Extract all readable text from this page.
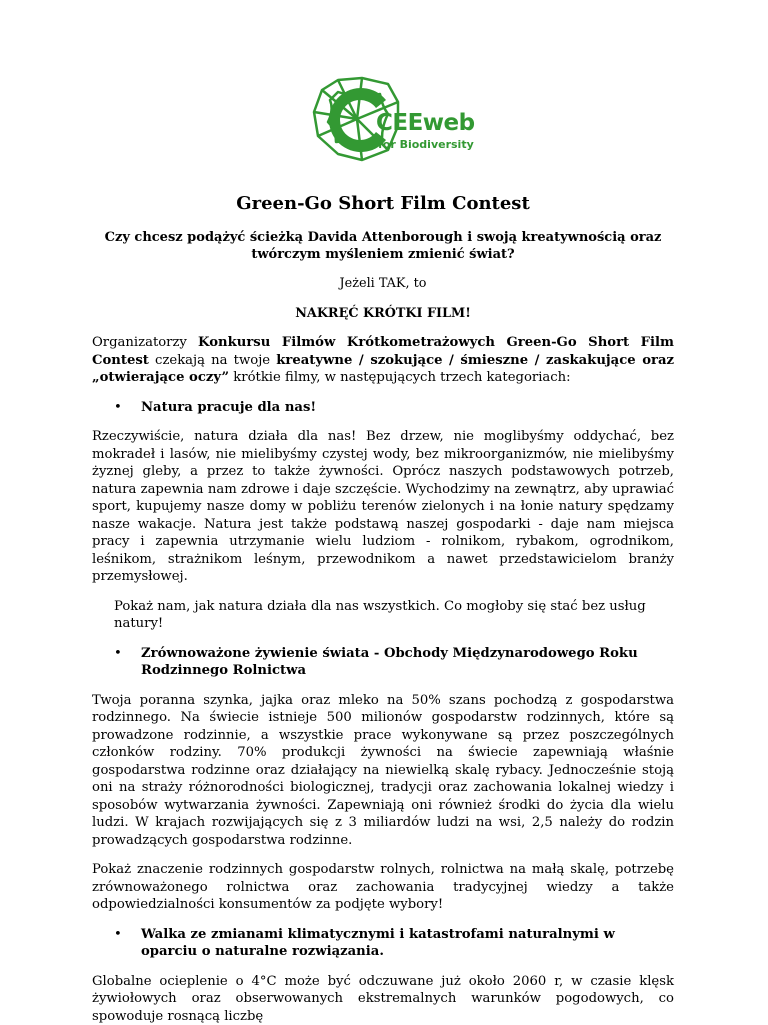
CEEweb
for Biodiversity
Green-Go Short Film Contest

Czy chcesz podążyć ścieżką Davida Attenborough i swoją kreatywnością oraz twórczym myśleniem zmienić świat?

Jeżeli TAK, to

NAKRĘĆ KRÓTKI FILM!

Organizatorzy Konkursu Filmów Krótkometrażowych Green-Go Short Film Contest czekają na twoje kreatywne / szokujące / śmieszne / zaskakujące oraz „otwierające oczy” krótkie filmy, w następujących trzech kategoriach:

• Natura pracuje dla nas!

Rzeczywiście, natura działa dla nas! Bez drzew, nie moglibyśmy oddychać, bez mokradeł i lasów, nie mielibyśmy czystej wody, bez mikroorganizmów, nie mielibyśmy żyznej gleby, a przez to także żywności. Oprócz naszych podstawowych potrzeb, natura zapewnia nam zdrowe i daje szczęście. Wychodzimy na zewnątrz, aby uprawiać sport, kupujemy nasze domy w pobliżu terenów zielonych i na łonie natury spędzamy nasze wakacje. Natura jest także podstawą naszej gospodarki - daje nam miejsca pracy i zapewnia utrzymanie wielu ludziom - rolnikom, rybakom, ogrodnikom, leśnikom, strażnikom leśnym, przewodnikom a nawet przedstawicielom branży przemysłowej.

Pokaż nam, jak natura działa dla nas wszystkich. Co mogłoby się stać bez usług natury!

• Zrównoważone żywienie świata - Obchody Międzynarodowego Roku Rodzinnego Rolnictwa

Twoja poranna szynka, jajka oraz mleko na 50% szans pochodzą z gospodarstwa rodzinnego. Na świecie istnieje 500 milionów gospodarstw rodzinnych, które są prowadzone rodzinnie, a wszystkie prace wykonywane są przez poszczególnych członków rodziny. 70% produkcji żywności na świecie zapewniają właśnie gospodarstwa rodzinne oraz działający na niewielką skalę rybacy. Jednocześnie stoją oni na straży różnorodności biologicznej, tradycji oraz zachowania lokalnej wiedzy i sposobów wytwarzania żywności. Zapewniają oni również środki do życia dla wielu ludzi. W krajach rozwijających się z 3 miliardów ludzi na wsi, 2,5 należy do rodzin prowadzących gospodarstwa rodzinne.

Pokaż znaczenie rodzinnych gospodarstw rolnych, rolnictwa na małą skalę, potrzebę zrównoważonego rolnictwa oraz zachowania tradycyjnej wiedzy a także odpowiedzialności konsumentów za podjęte wybory!

• Walka ze zmianami klimatycznymi i katastrofami naturalnymi w oparciu o naturalne rozwiązania.

Globalne ocieplenie o 4°C może być odczuwane już około 2060 r, w czasie klęsk żywiołowych oraz obserwowanych ekstremalnych warunków pogodowych, co spowoduje rosnącą liczbę
